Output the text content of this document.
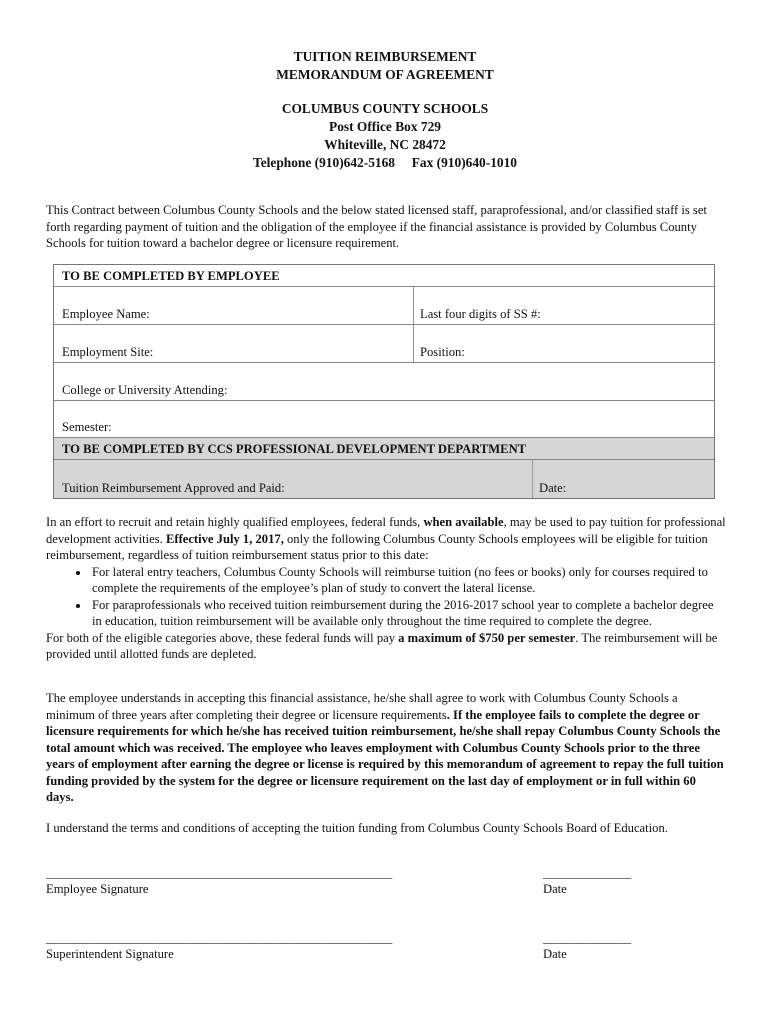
TUITION REIMBURSEMENT
MEMORANDUM OF AGREEMENT
COLUMBUS COUNTY SCHOOLS
Post Office Box 729
Whiteville, NC 28472
Telephone (910)642-5168 Fax (910)640-1010
This Contract between Columbus County Schools and the below stated licensed staff, paraprofessional, and/or classified staff is set forth regarding payment of tuition and the obligation of the employee if the financial assistance is provided by Columbus County Schools for tuition toward a bachelor degree or licensure requirement.
TO BE COMPLETED BY EMPLOYEE
Employee Name:	Last four digits of SS #:
Employment Site:	Position:
College or University Attending:
Semester:
TO BE COMPLETED BY CCS PROFESSIONAL DEVELOPMENT DEPARTMENT
Tuition Reimbursement Approved and Paid:	Date:
In an effort to recruit and retain highly qualified employees, federal funds, when available, may be used to pay tuition for professional development activities. Effective July 1, 2017, only the following Columbus County Schools employees will be eligible for tuition reimbursement, regardless of tuition reimbursement status prior to this date:
• For lateral entry teachers, Columbus County Schools will reimburse tuition (no fees or books) only for courses required to complete the requirements of the employee’s plan of study to convert the lateral license.
• For paraprofessionals who received tuition reimbursement during the 2016-2017 school year to complete a bachelor degree in education, tuition reimbursement will be available only throughout the time required to complete the degree.
For both of the eligible categories above, these federal funds will pay a maximum of $750 per semester. The reimbursement will be provided until allotted funds are depleted.
The employee understands in accepting this financial assistance, he/she shall agree to work with Columbus County Schools a minimum of three years after completing their degree or licensure requirements. If the employee fails to complete the degree or licensure requirements for which he/she has received tuition reimbursement, he/she shall repay Columbus County Schools the total amount which was received. The employee who leaves employment with Columbus County Schools prior to the three years of employment after earning the degree or license is required by this memorandum of agreement to repay the full tuition funding provided by the system for the degree or licensure requirement on the last day of employment or in full within 60 days.
I understand the terms and conditions of accepting the tuition funding from Columbus County Schools Board of Education.
_______________________________________________________	______________
Employee Signature	Date
_______________________________________________________	______________
Superintendent Signature	Date
